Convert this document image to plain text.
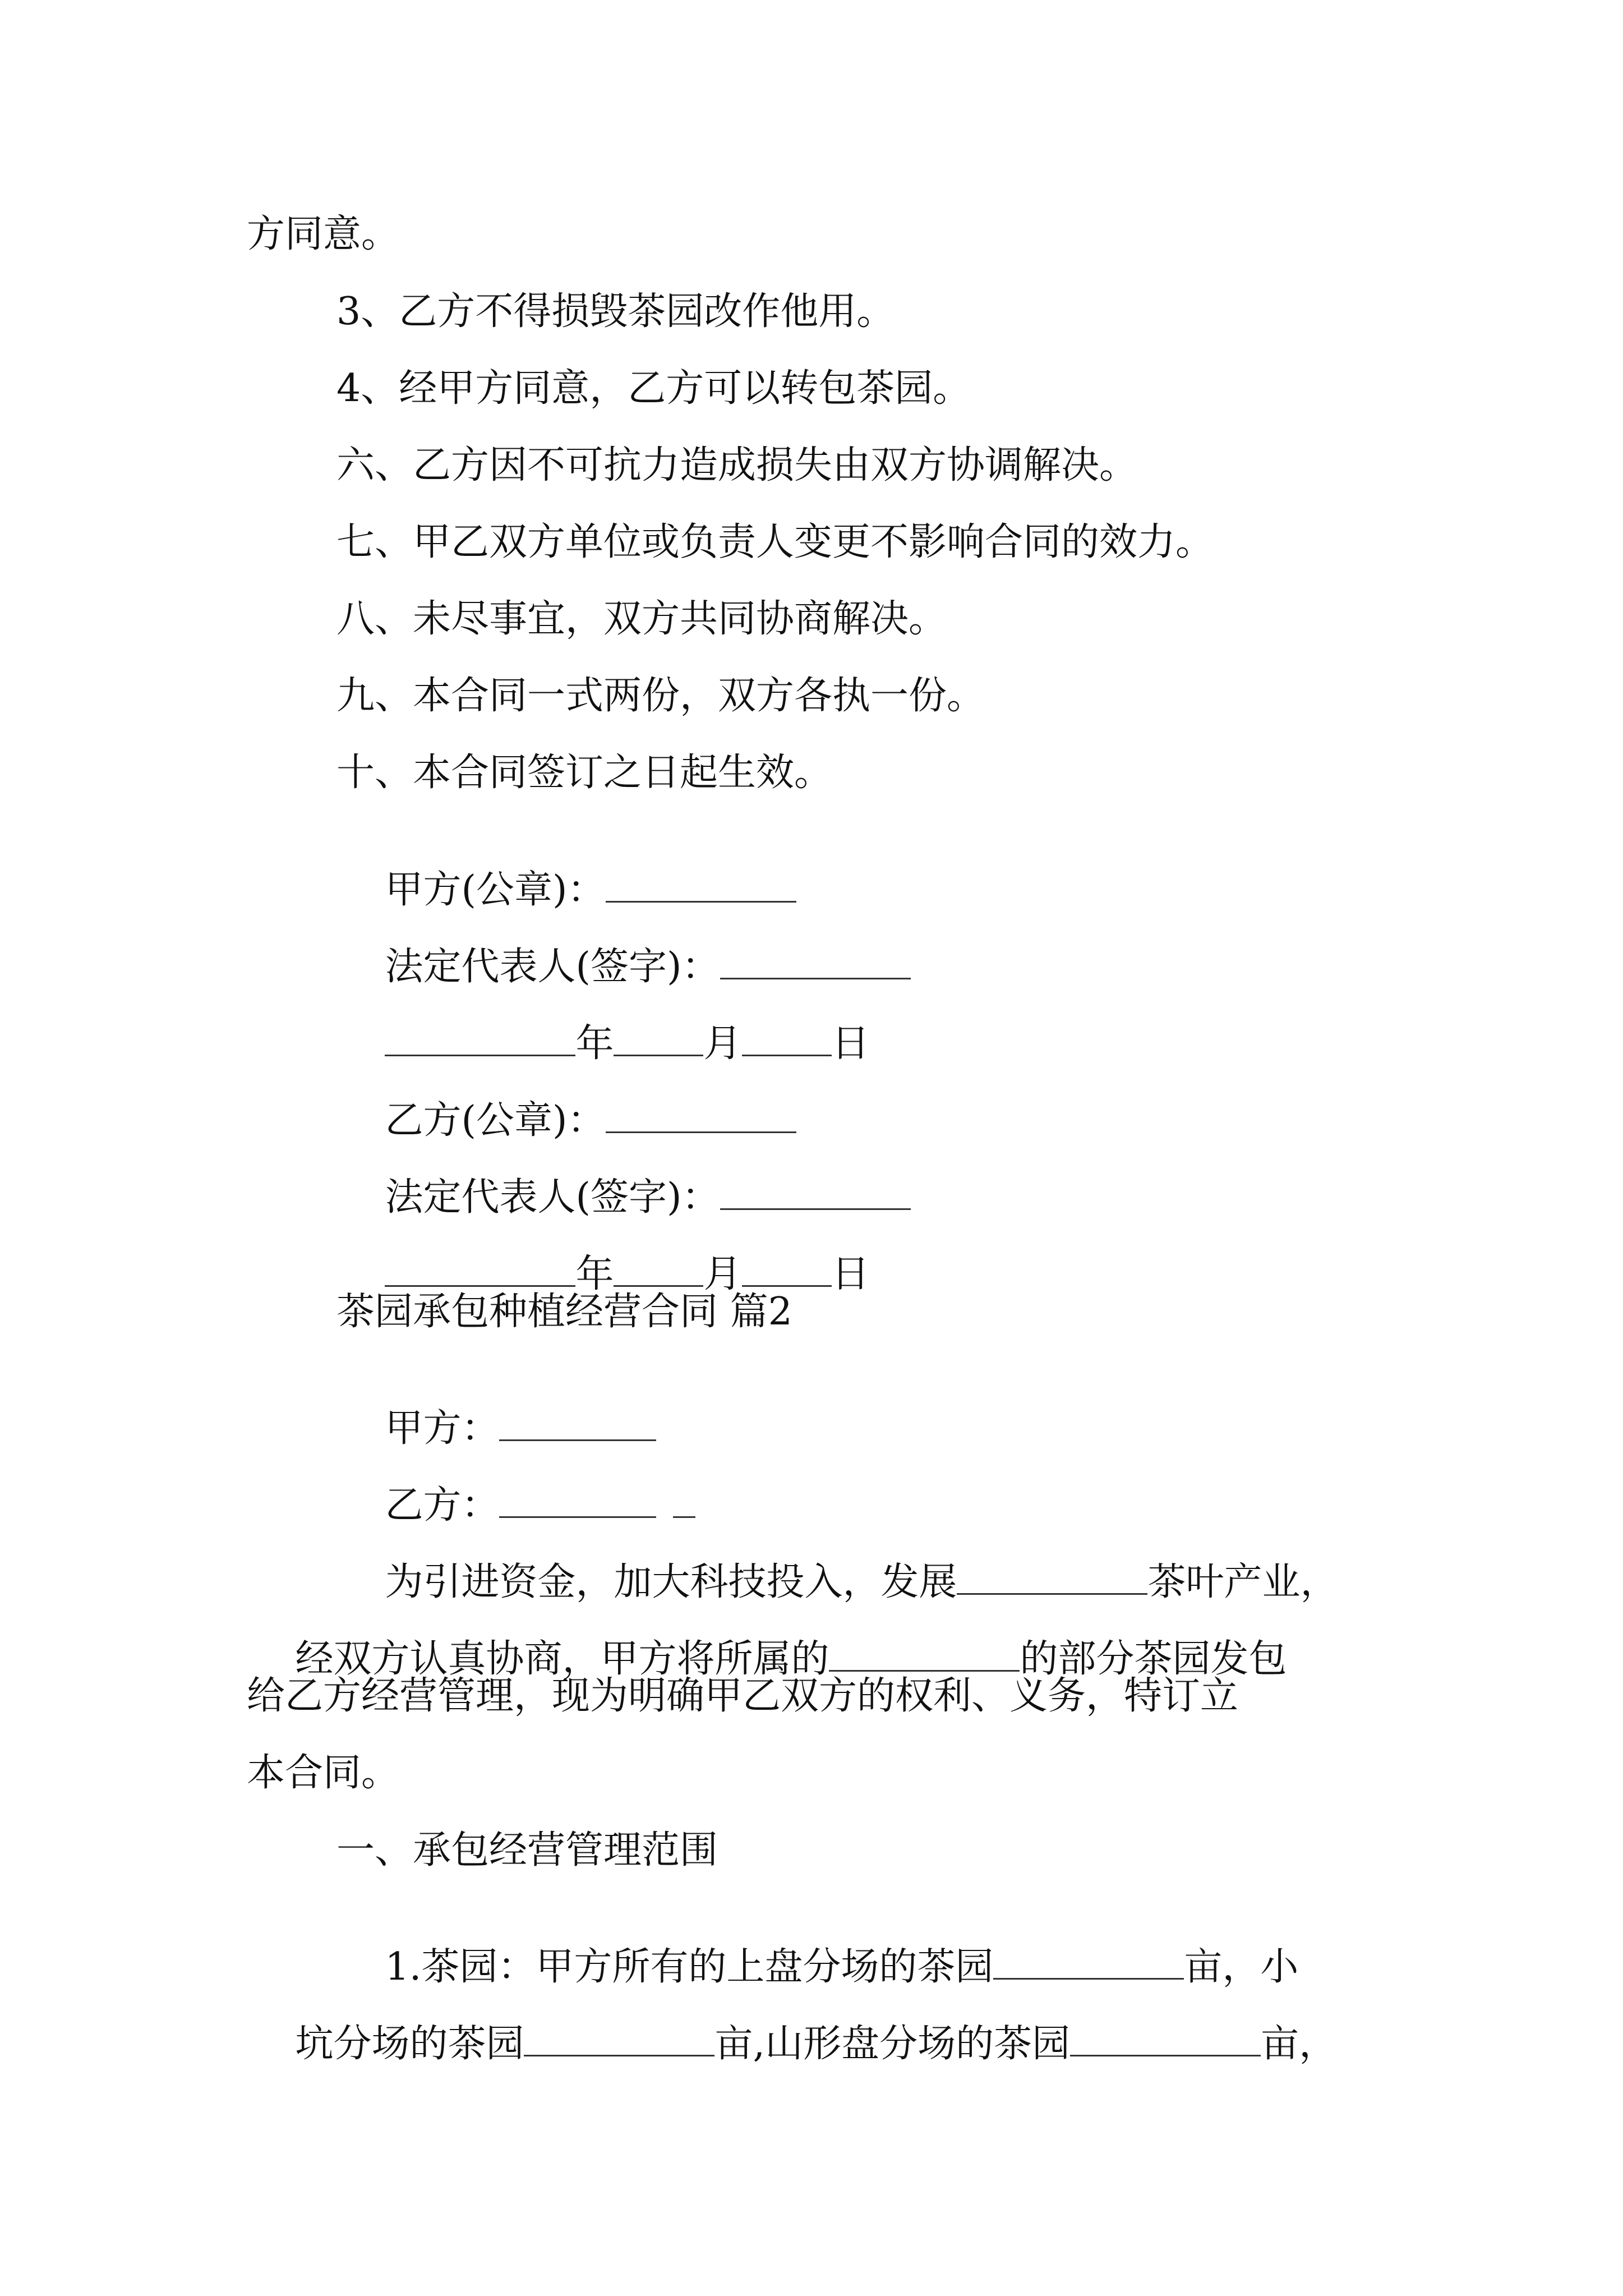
方同意。
3、乙方不得损毁茶园改作他用。
4、经甲方同意，乙方可以转包茶园。
六、乙方因不可抗力造成损失由双方协调解决。
七、甲乙双方单位或负责人变更不影响合同的效力。
八、未尽事宜，双方共同协商解决。
九、本合同一式两份，双方各执一份。
十、本合同签订之日起生效。

甲方(公章)：

法定代表人(签字)：

年 月 日

乙方(公章)：

法定代表人(签字)：

年 月 日

茶园承包种植经营合同 篇2

甲方：

乙方：

为引进资金，加大科技投入，发展	茶叶产业，

经双方认真协商，甲方将所属的	的部分茶园发包

给乙方经营管理，现为明确甲乙双方的权利、义务，特订立
本合同。
一、承包经营管理范围

1.茶园：甲方所有的上盘分场的茶园	亩，小

坑分场的茶园	亩,山形盘分场的茶园	亩，
